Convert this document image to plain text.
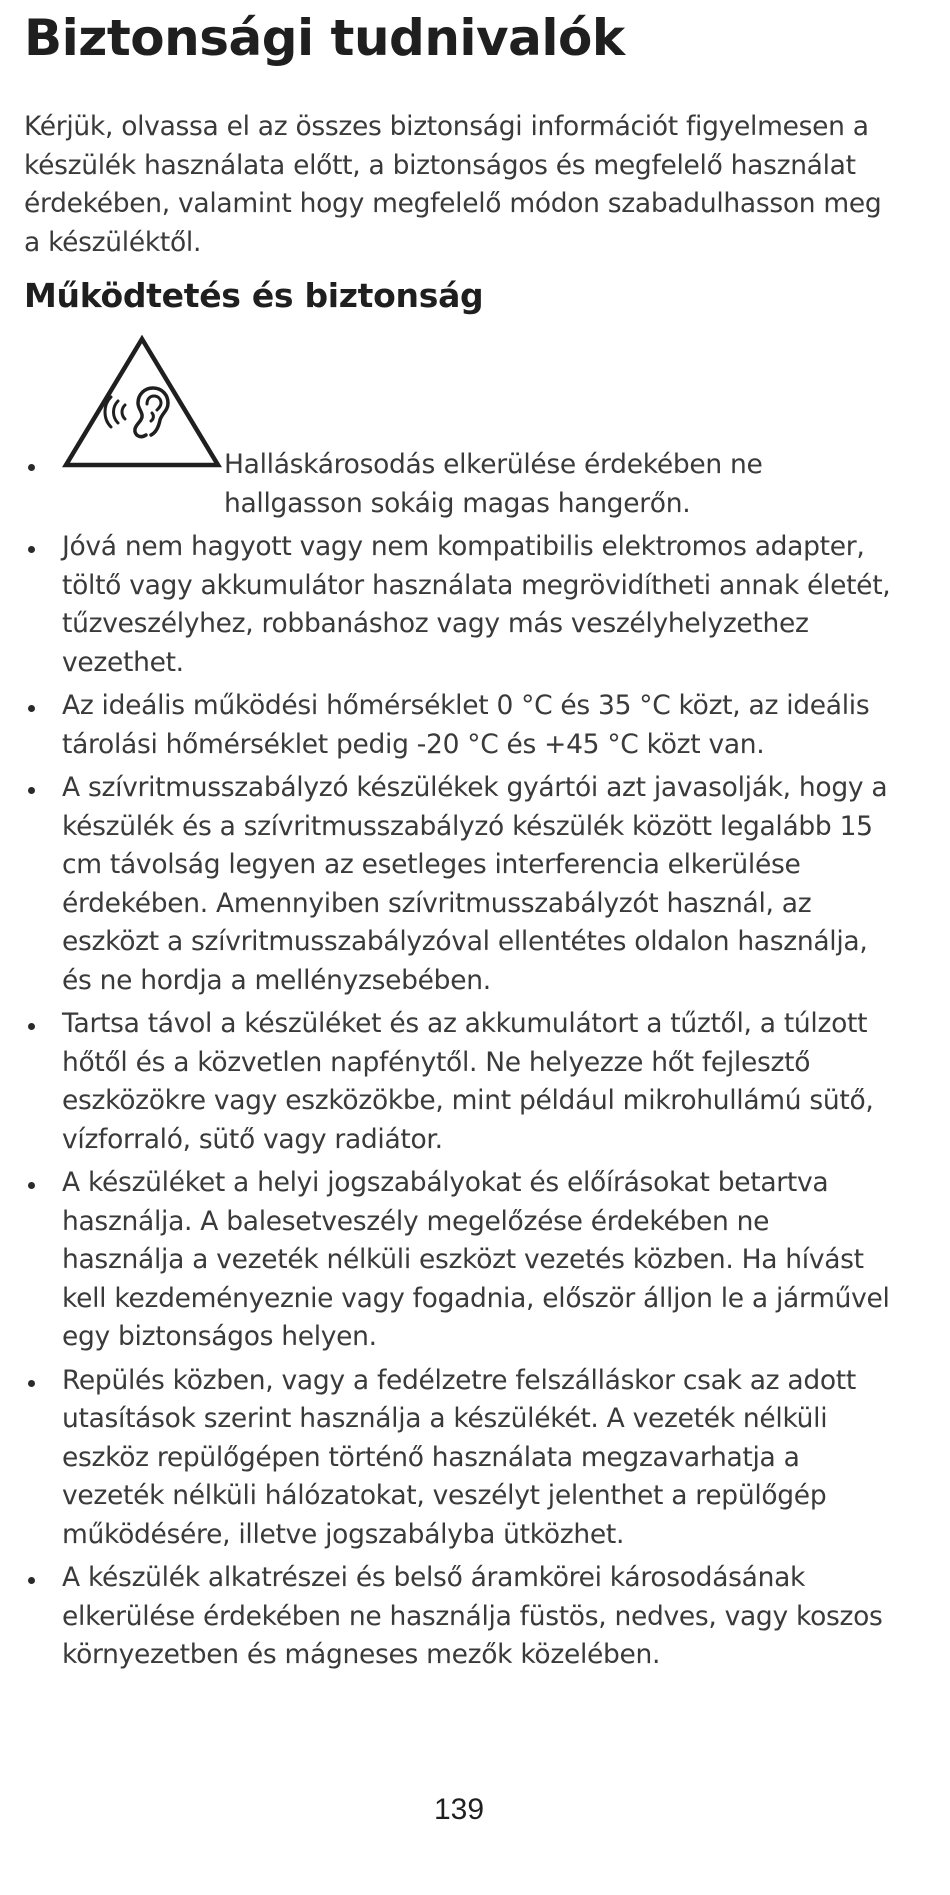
Biztonsági tudnivalók

Kérjük, olvassa el az összes biztonsági információt figyelmesen a készülék használata előtt, a biztonságos és megfelelő használat érdekében, valamint hogy megfelelő módon szabadulhasson meg a készüléktől.

Működtetés és biztonság
Halláskárosodás elkerülése érdekében ne hallgasson sokáig magas hangerőn.
Jóvá nem hagyott vagy nem kompatibilis elektromos adapter, töltő vagy akkumulátor használata megrövidítheti annak életét, tűzveszélyhez, robbanáshoz vagy más veszélyhelyzethez vezethet.
Az ideális működési hőmérséklet 0 °C és 35 °C közt, az ideális tárolási hőmérséklet pedig -20 °C és +45 °C közt van.
A szívritmusszabályzó készülékek gyártói azt javasolják, hogy a készülék és a szívritmusszabályzó készülék között legalább 15 cm távolság legyen az esetleges interferencia elkerülése érdekében. Amennyiben szívritmusszabályzót használ, az eszközt a szívritmusszabályzóval ellentétes oldalon használja, és ne hordja a mellényzsebében.
Tartsa távol a készüléket és az akkumulátort a tűztől, a túlzott hőtől és a közvetlen napfénytől. Ne helyezze hőt fejlesztő eszközökre vagy eszközökbe, mint például mikrohullámú sütő, vízforraló, sütő vagy radiátor.
A készüléket a helyi jogszabályokat és előírásokat betartva használja. A balesetveszély megelőzése érdekében ne használja a vezeték nélküli eszközt vezetés közben. Ha hívást kell kezdeményeznie vagy fogadnia, először álljon le a járművel egy biztonságos helyen.
Repülés közben, vagy a fedélzetre felszálláskor csak az adott utasítások szerint használja a készülékét. A vezeték nélküli eszköz repülőgépen történő használata megzavarhatja a vezeték nélküli hálózatokat, veszélyt jelenthet a repülőgép működésére, illetve jogszabályba ütközhet.
A készülék alkatrészei és belső áramkörei károsodásának elkerülése érdekében ne használja füstös, nedves, vagy koszos környezetben és mágneses mezők közelében.
139
